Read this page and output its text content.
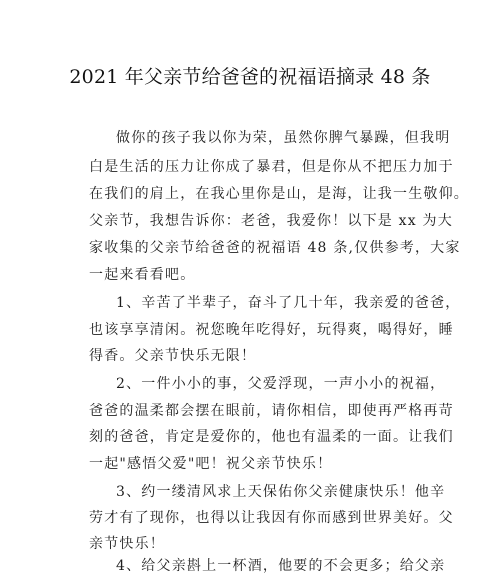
2021 年父亲节给爸爸的祝福语摘录 48 条
做你的孩子我以你为荣，虽然你脾气暴躁，但我明
白是生活的压力让你成了暴君，但是你从不把压力加于
在我们的肩上，在我心里你是山，是海，让我一生敬仰。
父亲节，我想告诉你：老爸，我爱你！以下是 xx 为大
家收集的父亲节给爸爸的祝福语 48 条,仅供参考，大家
一起来看看吧。
1、辛苦了半辈子，奋斗了几十年，我亲爱的爸爸，
也该享享清闲。祝您晚年吃得好，玩得爽，喝得好，睡
得香。父亲节快乐无限！
2、一件小小的事，父爱浮现，一声小小的祝福，
爸爸的温柔都会摆在眼前，请你相信，即使再严格再苛
刻的爸爸，肯定是爱你的，他也有温柔的一面。让我们
一起"感悟父爱"吧！祝父亲节快乐！
3、约一缕清风求上天保佑你父亲健康快乐！他辛
劳才有了现你，也得以让我因有你而感到世界美好。父
亲节快乐！
4、给父亲斟上一杯酒，他要的不会更多；给父亲
